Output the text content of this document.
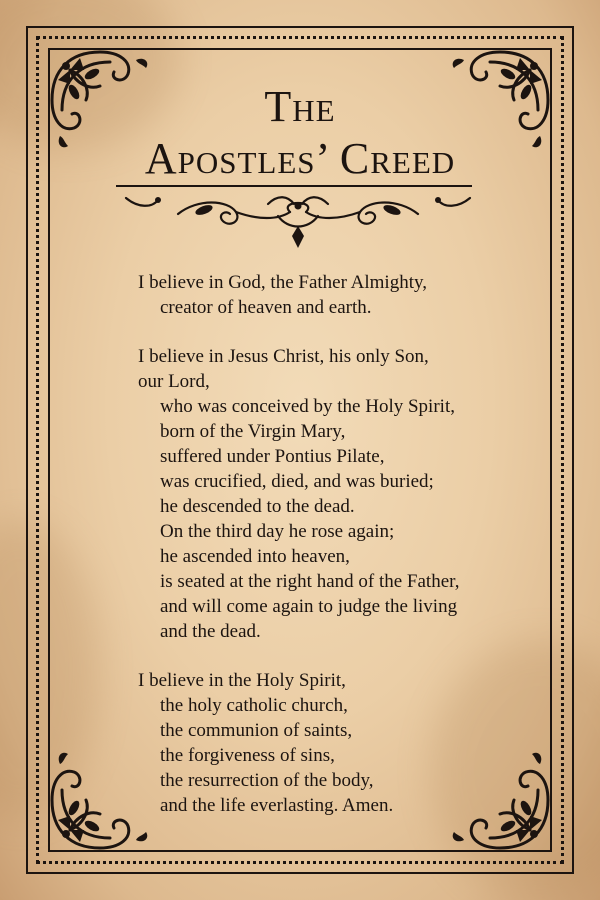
The
Apostles’ Creed

I believe in God, the Father Almighty,

creator of heaven and earth.

I believe in Jesus Christ, his only Son,

our Lord,

who was conceived by the Holy Spirit,

born of the Virgin Mary,

suffered under Pontius Pilate,

was crucified, died, and was buried;

he descended to the dead.

On the third day he rose again;

he ascended into heaven,

is seated at the right hand of the Father,

and will come again to judge the living

and the dead.

I believe in the Holy Spirit,

the holy catholic church,

the communion of saints,

the forgiveness of sins,

the resurrection of the body,

and the life everlasting. Amen.
